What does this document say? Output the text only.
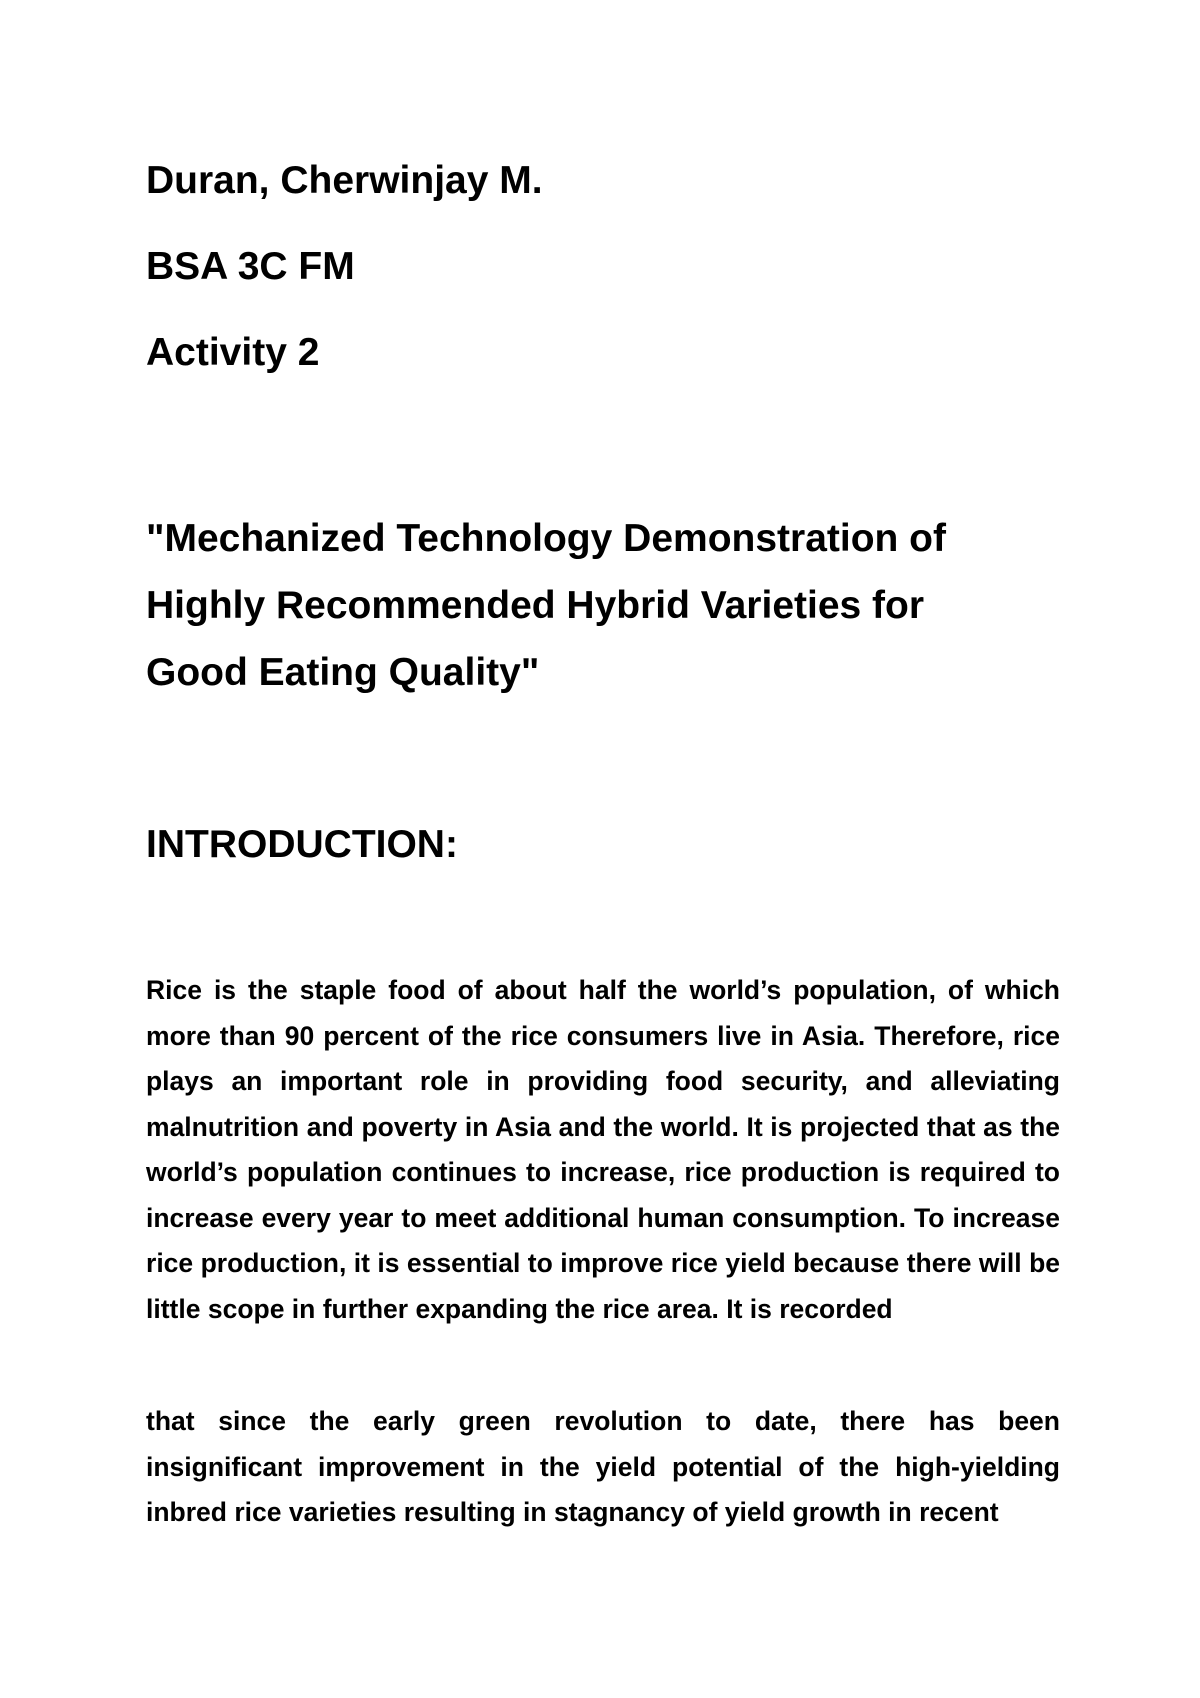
Duran, Cherwinjay M.
BSA 3C FM
Activity 2
"Mechanized Technology Demonstration of
Highly Recommended Hybrid Varieties for
Good Eating Quality"
INTRODUCTION:

Rice is the staple food of about half the world’s population, of which more than 90 percent of the rice consumers live in Asia. Therefore, rice plays an important role in providing food security, and alleviating malnutrition and poverty in Asia and the world. It is projected that as the world’s population continues to increase, rice production is required to increase every year to meet additional human consumption. To increase rice production, it is essential to improve rice yield because there will be little scope in further expanding the rice area. It is recorded

that since the early green revolution to date, there has been insignificant improvement in the yield potential of the high-yielding inbred rice varieties resulting in stagnancy of yield growth in recent
